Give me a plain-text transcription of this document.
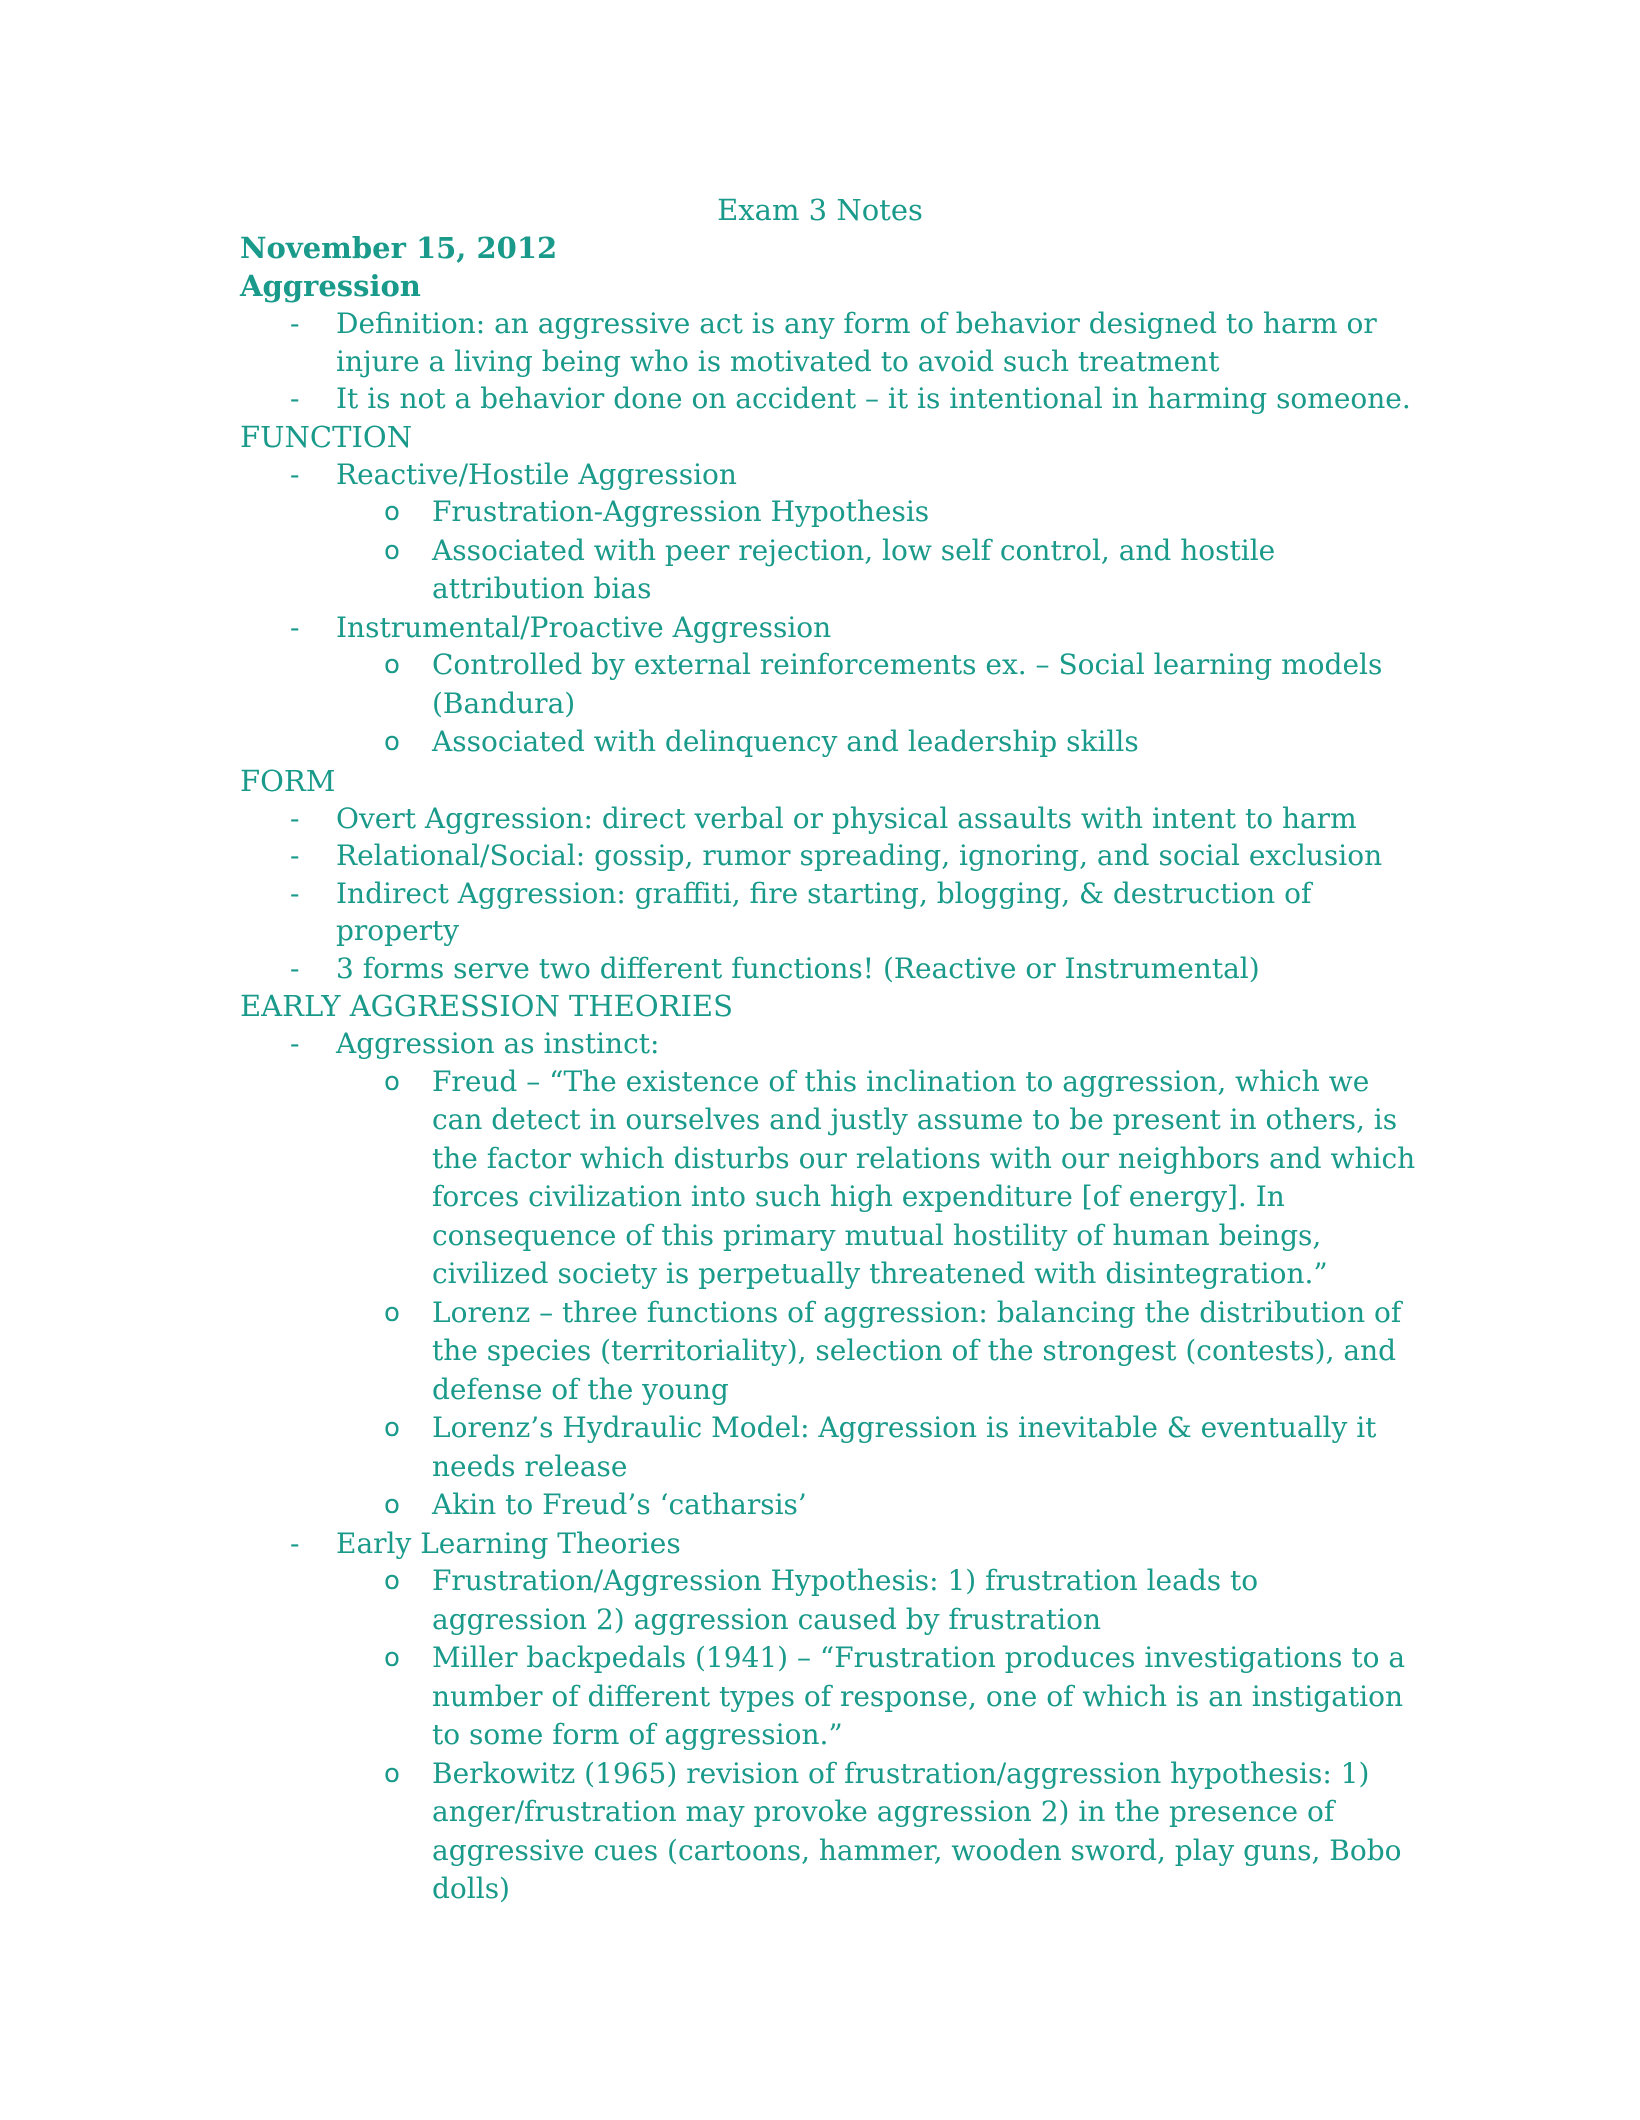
Exam 3 Notes
November 15, 2012
Aggression
- Definition: an aggressive act is any form of behavior designed to harm or injure a living being who is motivated to avoid such treatment
- It is not a behavior done on accident – it is intentional in harming someone.
FUNCTION
- Reactive/Hostile Aggression
o Frustration-Aggression Hypothesis
o Associated with peer rejection, low self control, and hostile attribution bias
- Instrumental/Proactive Aggression
o Controlled by external reinforcements ex. – Social learning models (Bandura)
o Associated with delinquency and leadership skills
FORM
- Overt Aggression: direct verbal or physical assaults with intent to harm
- Relational/Social: gossip, rumor spreading, ignoring, and social exclusion
- Indirect Aggression: graffiti, fire starting, blogging, & destruction of property
- 3 forms serve two different functions! (Reactive or Instrumental)
EARLY AGGRESSION THEORIES
- Aggression as instinct:
o Freud – “The existence of this inclination to aggression, which we can detect in ourselves and justly assume to be present in others, is the factor which disturbs our relations with our neighbors and which forces civilization into such high expenditure [of energy]. In consequence of this primary mutual hostility of human beings, civilized society is perpetually threatened with disintegration.”
o Lorenz – three functions of aggression: balancing the distribution of the species (territoriality), selection of the strongest (contests), and defense of the young
o Lorenz’s Hydraulic Model: Aggression is inevitable & eventually it needs release
o Akin to Freud’s ‘catharsis’
- Early Learning Theories
o Frustration/Aggression Hypothesis: 1) frustration leads to aggression 2) aggression caused by frustration
o Miller backpedals (1941) – “Frustration produces investigations to a number of different types of response, one of which is an instigation to some form of aggression.”
o Berkowitz (1965) revision of frustration/aggression hypothesis: 1) anger/frustration may provoke aggression 2) in the presence of aggressive cues (cartoons, hammer, wooden sword, play guns, Bobo dolls)
